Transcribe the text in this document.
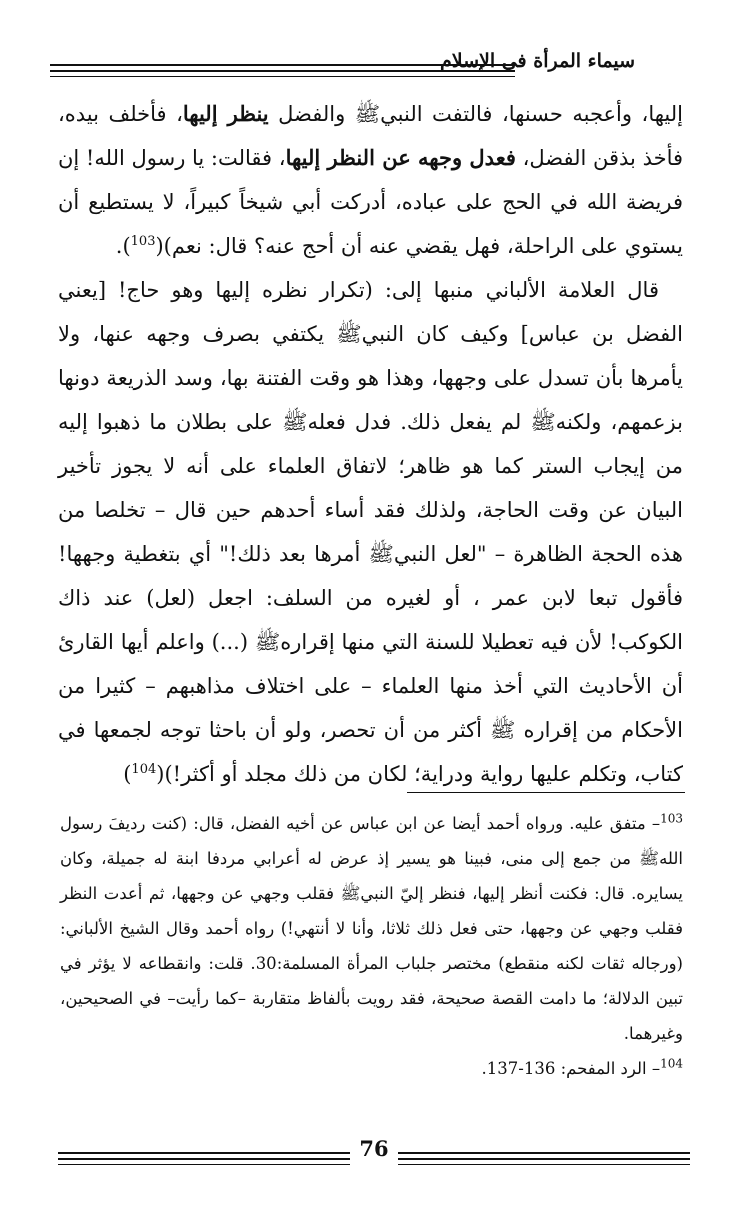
سيماء المرأة في الإسلام

إليها، وأعجبه حسنها، فالتفت النبيﷺ والفضل ينظر إليها، فأخلف بيده، فأخذ بذقن الفضل، فعدل وجهه عن النظر إليها، فقالت: يا رسول الله! إن فريضة الله في الحج على عباده، أدركت أبي شيخاً كبيراً، لا يستطيع أن يستوي على الراحلة، فهل يقضي عنه أن أحج عنه؟ قال: نعم)($^{103}$).

قال العلامة الألباني منبها إلى: (تكرار نظره إليها وهو حاج! [يعني الفضل بن عباس] وكيف كان النبيﷺ يكتفي بصرف وجهه عنها، ولا يأمرها بأن تسدل على وجهها، وهذا هو وقت الفتنة بها، وسد الذريعة دونها بزعمهم، ولكنهﷺ لم يفعل ذلك. فدل فعلهﷺ على بطلان ما ذهبوا إليه من إيجاب الستر كما هو ظاهر؛ لاتفاق العلماء على أنه لا يجوز تأخير البيان عن وقت الحاجة، ولذلك فقد أساء أحدهم حين قال – تخلصا من هذه الحجة الظاهرة – "لعل النبيﷺ أمرها بعد ذلك!" أي بتغطية وجهها! فأقول تبعا لابن عمر ، أو لغيره من السلف: اجعل (لعل) عند ذاك الكوكب! لأن فيه تعطيلا للسنة التي منها إقرارهﷺ (...) واعلم أيها القارئ أن الأحاديث التي أخذ منها العلماء – على اختلاف مذاهبهم – كثيرا من الأحكام من إقراره ﷺ أكثر من أن تحصر، ولو أن باحثا توجه لجمعها في كتاب، وتكلم عليها رواية ودراية؛ لكان من ذلك مجلد أو أكثر!)($^{104}$)

$^{103}$– متفق عليه. ورواه أحمد أيضا عن ابن عباس عن أخيه الفضل، قال: (كنت رديفَ رسول اللهﷺ من جمع إلى منى، فبينا هو يسير إذ عرض له أعرابي مردفا ابنة له جميلة، وكان يسايره. قال: فكنت أنظر إليها، فنظر إليّ النبيﷺ فقلب وجهي عن وجهها، ثم أعدت النظر فقلب وجهي عن وجهها، حتى فعل ذلك ثلاثا، وأنا لا أنتهي!) رواه أحمد وقال الشيخ الألباني: (ورجاله ثقات لكنه منقطع) مختصر جلباب المرأة المسلمة:30. قلت: وانقطاعه لا يؤثر في تبين الدلالة؛ ما دامت القصة صحيحة، فقد رويت بألفاظ متقاربة –كما رأيت– في الصحيحين، وغيرهما.

$^{104}$– الرد المفحم: 136-137.

76
